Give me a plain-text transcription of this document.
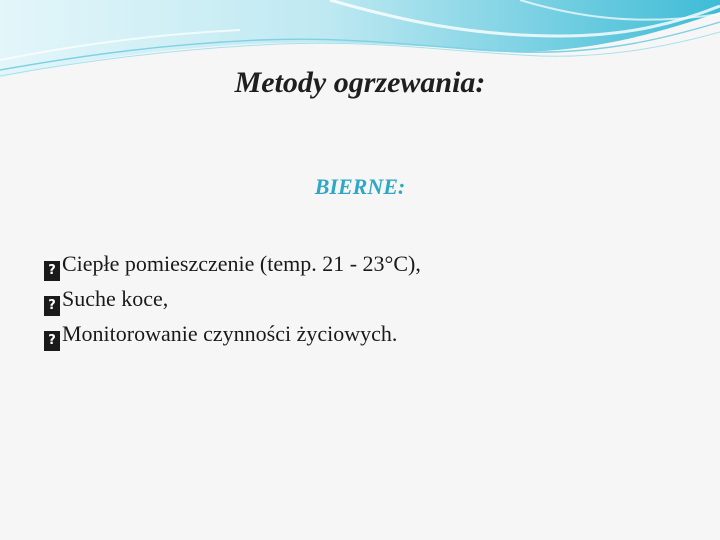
Metody ogrzewania:
BIERNE:
? Ciepłe pomieszczenie (temp. 21 - 23°C),
? Suche koce,
? Monitorowanie czynności życiowych.
